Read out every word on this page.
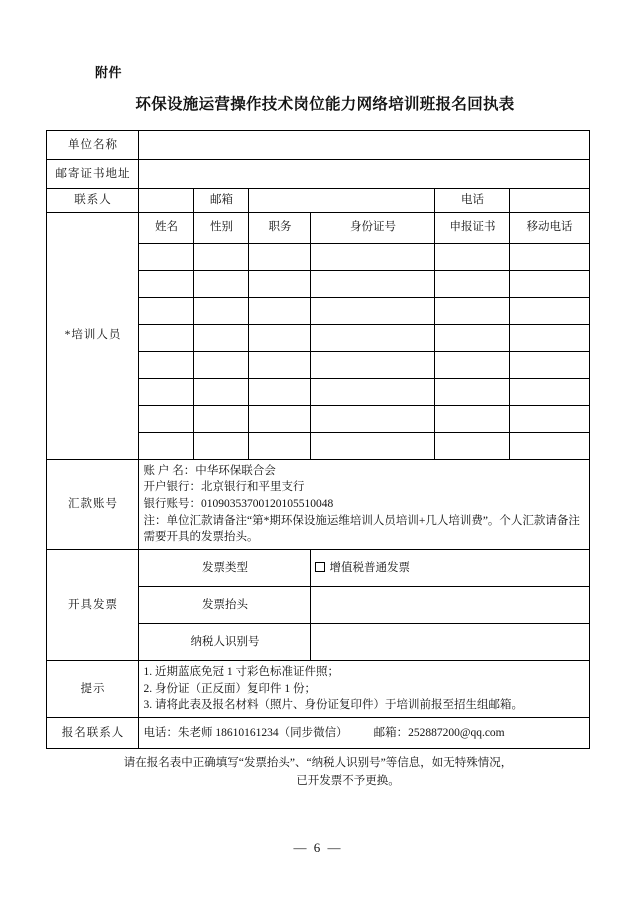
附件
环保设施运营操作技术岗位能力网络培训班报名回执表
单位名称						
邮寄证书地址						
联系人		邮箱			电话	
*培训人员	姓名	性别	职务	身份证号	申报证书	移动电话

汇款账号	账 户 名：中华环保联合会
开户银行：北京银行和平里支行
银行账号：01090353700120105510048
注：单位汇款请备注“第*期环保设施运维培训人员培训+几人培训费”。个人汇款请备注需要开具的发票抬头。					

开具发票	发票类型			增值税普通发票		
	发票抬头					
	纳税人识别号					
提示	1. 近期蓝底免冠 1 寸彩色标准证件照；
2. 身份证（正反面）复印件 1 份；
3. 请将此表及报名材料（照片、身份证复印件）于培训前报至招生组邮箱。					

报名联系人	电话：朱老师 18610161234（同步微信） 邮箱：252887200@qq.com					
请在报名表中正确填写“发票抬头”、“纳税人识别号”等信息，如无特殊情况，
已开发票不予更换。
— 6 —
